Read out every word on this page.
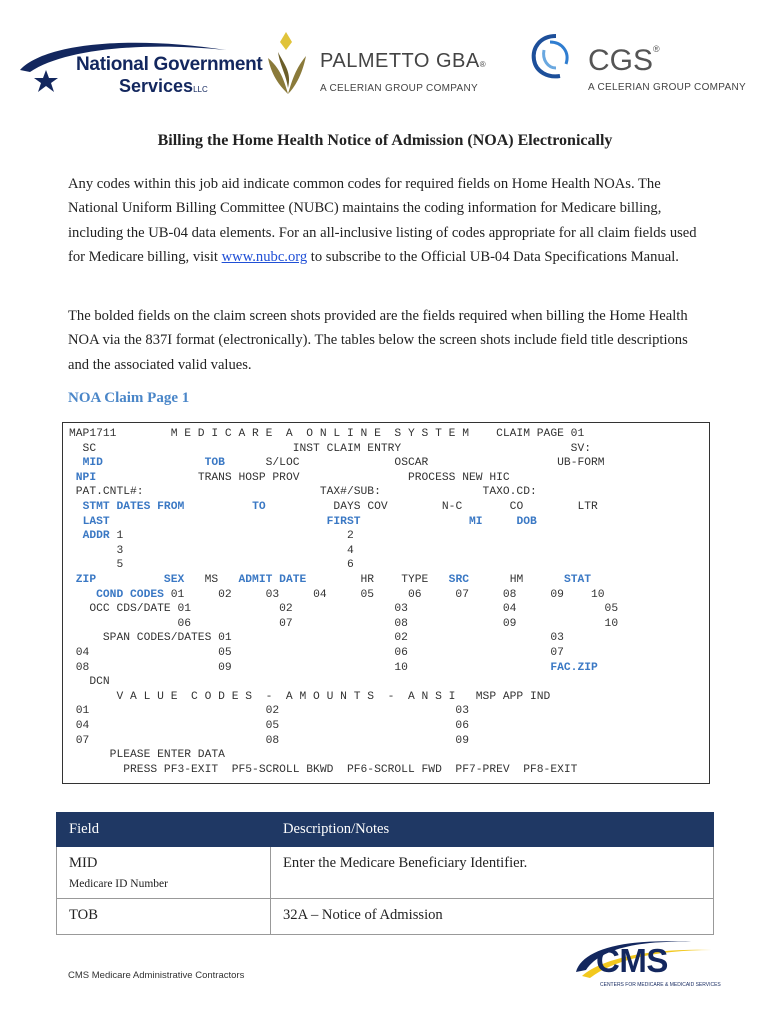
National Government
ServicesLLC
PALMETTO GBA®
A CELERIAN GROUP COMPANY
CGS®
A CELERIAN GROUP COMPANY
Billing the Home Health Notice of Admission (NOA) Electronically

Any codes within this job aid indicate common codes for required fields on Home Health NOAs. The National Uniform Billing Committee (NUBC) maintains the coding information for Medicare billing, including the UB-04 data elements. For an all-inclusive listing of codes appropriate for all claim fields used for Medicare billing, visit www.nubc.org to subscribe to the Official UB-04 Data Specifications Manual.

The bolded fields on the claim screen shots provided are the fields required when billing the Home Health NOA via the 837I format (electronically). The tables below the screen shots include field title descriptions and the associated valid values.

NOA Claim Page 1
MAP1711        M E D I C A R E  A  O N L I N E  S Y S T E M    CLAIM PAGE 01
SC                             INST CLAIM ENTRY                         SV:
MID	TOB      S/LOC              OSCAR                   UB-FORM
NPI               TRANS HOSP PROV                PROCESS NEW HIC
PAT.CNTL#:                          TAX#/SUB:               TAXO.CD:
STMT DATES FROM	TO          DAYS COV        N-C       CO        LTR
LAST	FIRST	MI	DOB
ADDR 1                                 2
3                                 4
5                                 6
ZIP	SEX   MS   ADMIT DATE        HR    TYPE   SRC      HM      STAT
COND CODES 01     02     03     04     05     06     07     08     09    10
OCC CDS/DATE 01             02               03              04             05
06             07               08              09             10
SPAN CODES/DATES 01                        02                     03
04                   05                        06                     07
08                   09                        10                     FAC.ZIP
DCN
V A L U E  C O D E S  -  A M O U N T S  -  A N S I   MSP APP IND
01                          02                          03
04                          05                          06
07                          08                          09
PLEASE ENTER DATA
PRESS PF3-EXIT  PF5-SCROLL BKWD  PF6-SCROLL FWD  PF7-PREV  PF8-EXIT
Field	Description/Notes
MID
Medicare ID Number	Enter the Medicare Beneficiary Identifier.
TOB	32A – Notice of Admission
CMS Medicare Administrative Contractors	CMS
CENTERS FOR MEDICARE & MEDICAID SERVICES
